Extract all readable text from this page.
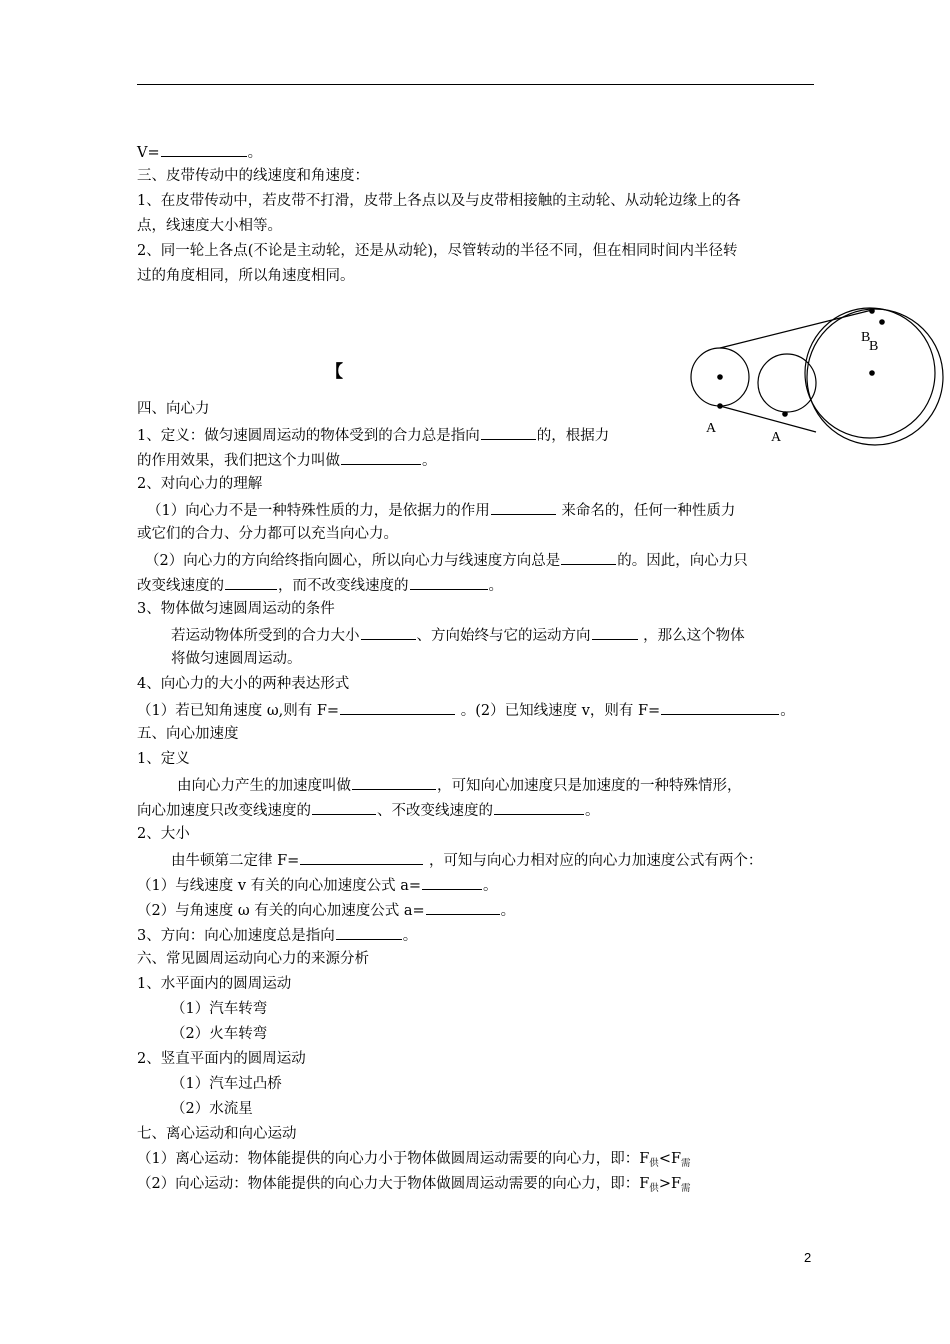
V=	。
三、皮带传动中的线速度和角速度：
1、在皮带传动中，若皮带不打滑，皮带上各点以及与皮带相接触的主动轮、从动轮边缘上的各
点，线速度大小相等。
2、同一轮上各点(不论是主动轮，还是从动轮)，尽管转动的半径不同，但在相同时间内半径转
过的角度相同，所以角速度相同。
【
四、向心力
1、定义：做匀速圆周运动的物体受到的合力总是指向	的，根据力
的作用效果，我们把这个力叫做	。
2、对向心力的理解
（1）向心力不是一种特殊性质的力，是依据力的作用	来命名的，任何一种性质力
或它们的合力、分力都可以充当向心力。
（2）向心力的方向给终指向圆心，所以向心力与线速度方向总是	的。因此，向心力只
改变线速度的	，而不改变线速度的	。
3、物体做匀速圆周运动的条件
若运动物体所受到的合力大小	、方向始终与它的运动方向	，那么这个物体
将做匀速圆周运动。
4、向心力的大小的两种表达形式
（1）若已知角速度 ω,则有 F=	。(2）已知线速度 v，则有 F=	。
五、向心加速度
1、定义
由向心力产生的加速度叫做	，可知向心加速度只是加速度的一种特殊情形，
向心加速度只改变线速度的	、不改变线速度的	。
2、大小
由牛顿第二定律 F=	，可知与向心力相对应的向心力加速度公式有两个：
（1）与线速度 v 有关的向心加速度公式 a=	。
（2）与角速度 ω 有关的向心加速度公式 a=	。
3、方向：向心加速度总是指向	。
六、常见圆周运动向心力的来源分析
1、水平面内的圆周运动
（1）汽车转弯
（2）火车转弯
2、竖直平面内的圆周运动
（1）汽车过凸桥
（2）水流星
七、离心运动和向心运动
（1）离心运动：物体能提供的向心力小于物体做圆周运动需要的向心力，即：$F_供<F_需$
（2）向心运动：物体能提供的向心力大于物体做圆周运动需要的向心力，即：$F_供>F_需$
A
A
B
B
2
